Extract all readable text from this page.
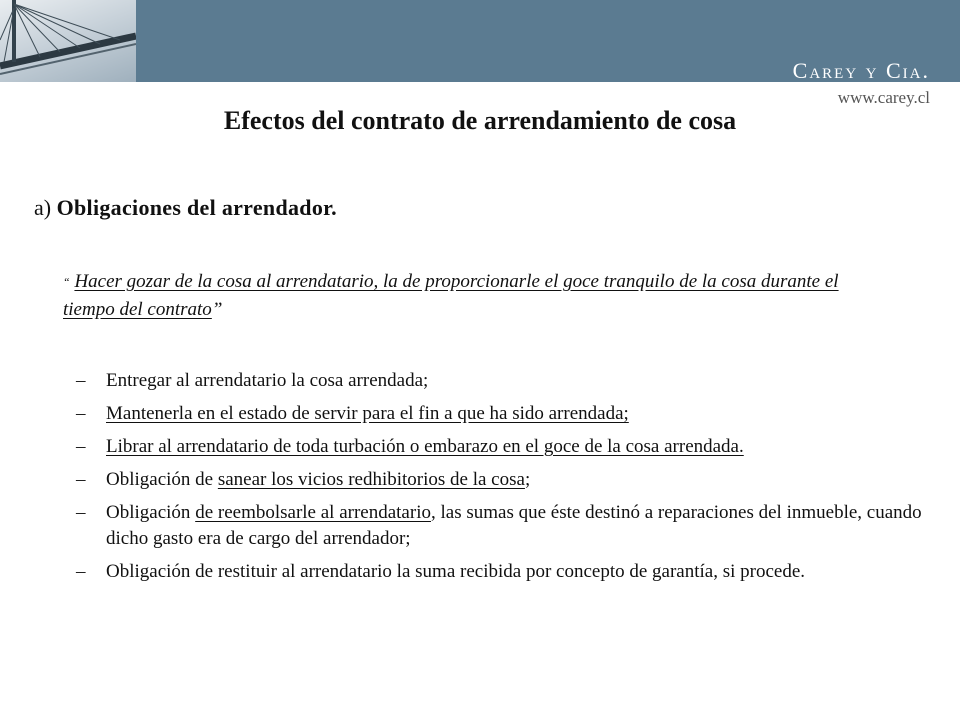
Carey y Cia.
www.carey.cl
Efectos del contrato de arrendamiento de cosa

a) Obligaciones del arrendador.

“ Hacer gozar de la cosa al arrendatario, la de proporcionarle el goce tranquilo de la cosa durante el tiempo del contrato”

– Entregar al arrendatario la cosa arrendada;
– Mantenerla en el estado de servir para el fin a que ha sido arrendada;
– Librar al arrendatario de toda turbación o embarazo en el goce de la cosa arrendada.
– Obligación de sanear los vicios redhibitorios de la cosa;
– Obligación de reembolsarle al arrendatario, las sumas que éste destinó a reparaciones del inmueble, cuando dicho gasto era de cargo del arrendador;
– Obligación de restituir al arrendatario la suma recibida por concepto de garantía, si procede.
